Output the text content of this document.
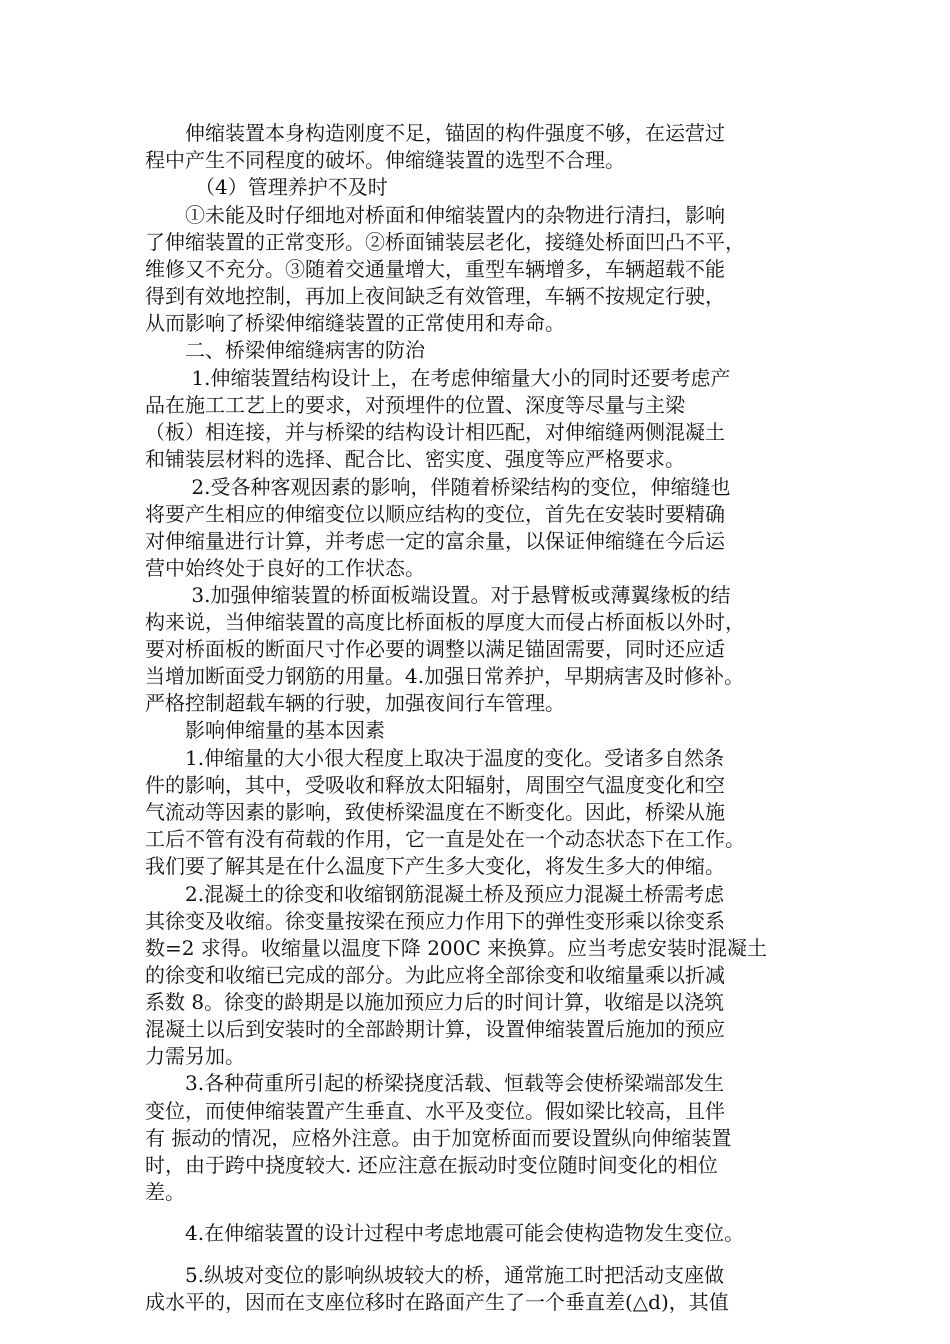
　　伸缩装置本身构造刚度不足，锚固的构件强度不够，在运营过
程中产生不同程度的破坏。伸缩缝装置的选型不合理。
　　　（4）管理养护不及时
　　①未能及时仔细地对桥面和伸缩装置内的杂物进行清扫，影响
了伸缩装置的正常变形。②桥面铺装层老化，接缝处桥面凹凸不平，
维修又不充分。③随着交通量增大，重型车辆增多，车辆超载不能
得到有效地控制，再加上夜间缺乏有效管理，车辆不按规定行驶，
从而影响了桥梁伸缩缝装置的正常使用和寿命。
　　二、桥梁伸缩缝病害的防治
　　 1.伸缩装置结构设计上，在考虑伸缩量大小的同时还要考虑产
品在施工工艺上的要求，对预埋件的位置、深度等尽量与主梁
（板）相连接，并与桥梁的结构设计相匹配，对伸缩缝两侧混凝土
和铺装层材料的选择、配合比、密实度、强度等应严格要求。
　　 2.受各种客观因素的影响，伴随着桥梁结构的变位，伸缩缝也
将要产生相应的伸缩变位以顺应结构的变位，首先在安装时要精确
对伸缩量进行计算，并考虑一定的富余量，以保证伸缩缝在今后运
营中始终处于良好的工作状态。
　　 3.加强伸缩装置的桥面板端设置。对于悬臂板或薄翼缘板的结
构来说，当伸缩装置的高度比桥面板的厚度大而侵占桥面板以外时，
要对桥面板的断面尺寸作必要的调整以满足锚固需要，同时还应适
当增加断面受力钢筋的用量。4.加强日常养护，早期病害及时修补。
严格控制超载车辆的行驶，加强夜间行车管理。
　　影响伸缩量的基本因素
　　1.伸缩量的大小很大程度上取决于温度的变化。受诸多自然条
件的影响，其中，受吸收和释放太阳辐射，周围空气温度变化和空
气流动等因素的影响，致使桥梁温度在不断变化。因此，桥梁从施
工后不管有没有荷载的作用，它一直是处在一个动态状态下在工作。
我们要了解其是在什么温度下产生多大变化，将发生多大的伸缩。
　　2.混凝土的徐变和收缩钢筋混凝土桥及预应力混凝土桥需考虑
其徐变及收缩。徐变量按梁在预应力作用下的弹性变形乘以徐变系
数=2 求得。收缩量以温度下降 200C 来换算。应当考虑安装时混凝土
的徐变和收缩已完成的部分。为此应将全部徐变和收缩量乘以折减
系数 8。徐变的龄期是以施加预应力后的时间计算，收缩是以浇筑
混凝土以后到安装时的全部龄期计算，设置伸缩装置后施加的预应
力需另加。
　　3.各种荷重所引起的桥梁挠度活载、恒载等会使桥梁端部发生
变位，而使伸缩装置产生垂直、水平及变位。假如梁比较高，且伴
有 振动的情况，应格外注意。由于加宽桥面而要设置纵向伸缩装置
时，由于跨中挠度较大. 还应注意在振动时变位随时间变化的相位
差。
　　4.在伸缩装置的设计过程中考虑地震可能会使构造物发生变位。
　　5.纵坡对变位的影响纵坡较大的桥，通常施工时把活动支座做
成水平的，因而在支座位移时在路面产生了一个垂直差(△d)，其值
